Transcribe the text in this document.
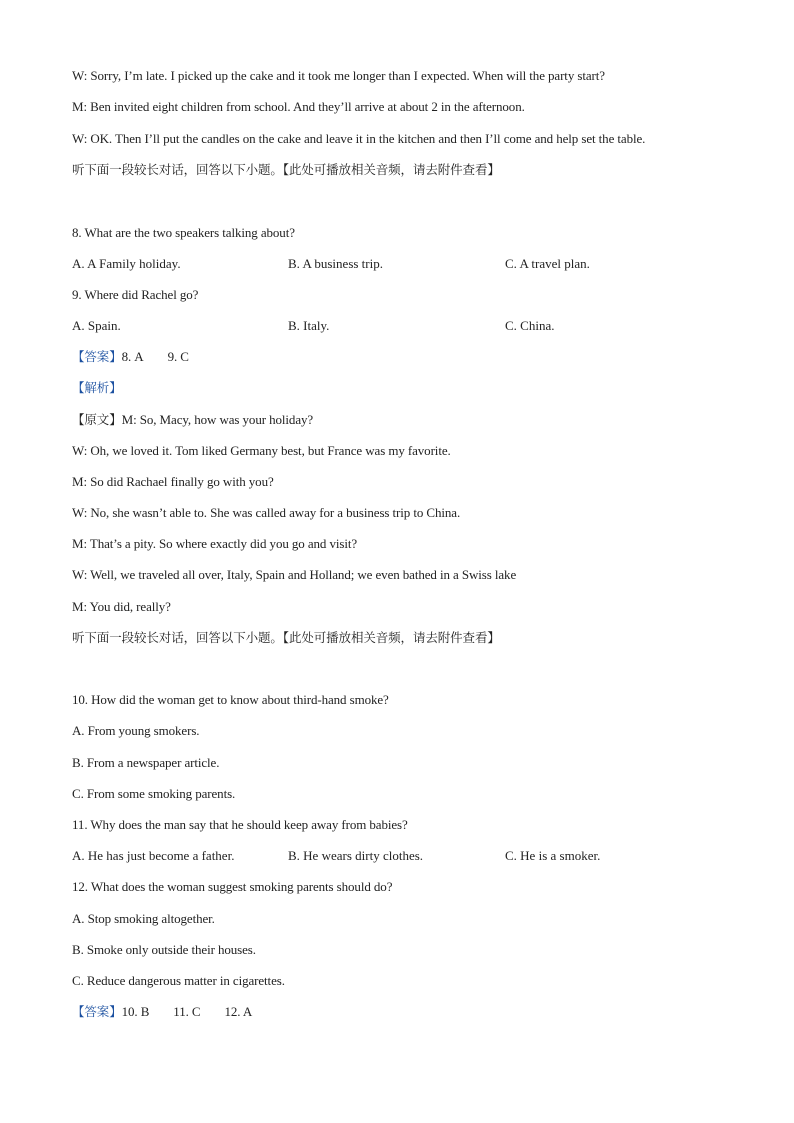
W: Sorry, I’m late. I picked up the cake and it took me longer than I expected. When will the party start?
M: Ben invited eight children from school. And they’ll arrive at about 2 in the afternoon.
W: OK. Then I’ll put the candles on the cake and leave it in the kitchen and then I’ll come and help set the table.
听下面一段较长对话，回答以下小题。【此处可播放相关音频，请去附件查看】
8. What are the two speakers talking about?
A. A Family holiday.	B. A business trip.	C. A travel plan.
9. Where did Rachel go?
A. Spain.	B. Italy.	C. China.
【答案】8. A 9. C
【解析】
【原文】M: So, Macy, how was your holiday?
W: Oh, we loved it. Tom liked Germany best, but France was my favorite.
M: So did Rachael finally go with you?
W: No, she wasn’t able to. She was called away for a business trip to China.
M: That’s a pity. So where exactly did you go and visit?
W: Well, we traveled all over, Italy, Spain and Holland; we even bathed in a Swiss lake
M: You did, really?
听下面一段较长对话，回答以下小题。【此处可播放相关音频，请去附件查看】
10. How did the woman get to know about third-hand smoke?
A. From young smokers.
B. From a newspaper article.
C. From some smoking parents.
11. Why does the man say that he should keep away from babies?
A. He has just become a father.	B. He wears dirty clothes.	C. He is a smoker.
12. What does the woman suggest smoking parents should do?
A. Stop smoking altogether.
B. Smoke only outside their houses.
C. Reduce dangerous matter in cigarettes.
【答案】10. B 11. C 12. A
